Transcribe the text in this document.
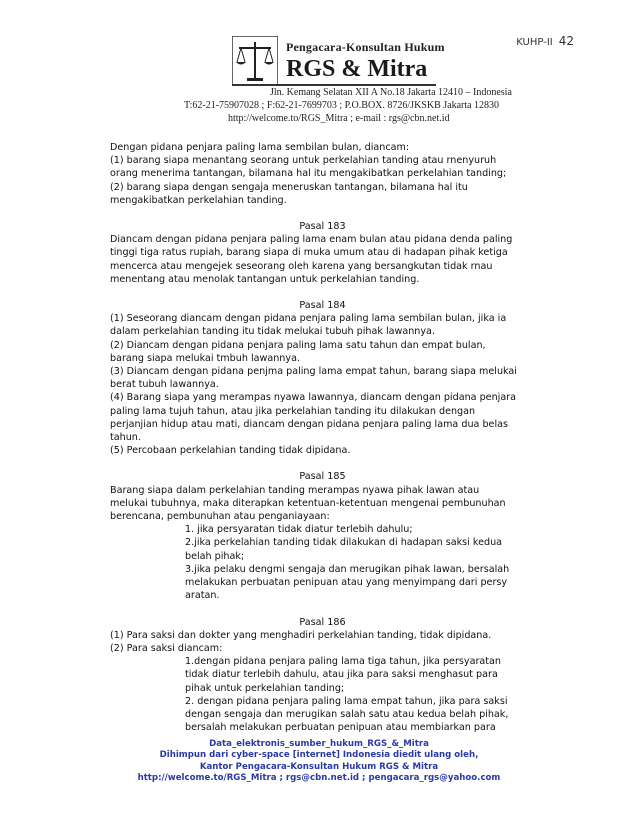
KUHP-II 42
Pengacara-Konsultan Hukum
RGS & Mitra
Jln. Kemang Selatan XII A No.18 Jakarta 12410 – Indonesia
T:62-21-75907028 ; F:62-21-7699703 ; P.O.BOX. 8726/JKSKB Jakarta 12830
http://welcome.to/RGS_Mitra ; e-mail : rgs@cbn.net.id

Dengan pidana penjara paling lama sembilan bulan, diancam:

(1) barang siapa menantang seorang untuk perkelahian tanding atau rnenyuruh

orang menerima tantangan, bilamana hal itu mengakibatkan perkelahian tanding;

(2) barang siapa dengan sengaja meneruskan tantangan, bilamana hal itu

mengakibatkan perkelahian tanding.

Pasal 183

Diancam dengan pidana penjara paling lama enam bulan atau pidana denda paling

tinggi tiga ratus rupiah, barang siapa di muka umum atau di hadapan pihak ketiga

mencerca atau mengejek seseorang oleh karena yang bersangkutan tidak rnau

menentang atau menolak tantangan untuk perkelahian tanding.

Pasal 184

(1) Seseorang diancam dengan pidana penjara paling lama sembilan bulan, jika ia

dalam perkelahian tanding itu tidak melukai tubuh pihak lawannya.

(2) Diancam dengan pidana penjara paling lama satu tahun dan empat bulan,

barang siapa melukai tmbuh lawannya.

(3) Diancam dengan pidana penjma paling lama empat tahun, barang siapa melukai

berat tubuh lawannya.

(4) Barang siapa yang merampas nyawa lawannya, diancam dengan pidana penjara

paling lama tujuh tahun, atau jika perkelahian tanding itu dilakukan dengan

perjanjian hidup atau mati, diancam dengan pidana penjara paling lama dua belas

tahun.

(5) Percobaan perkelahian tanding tidak dipidana.

Pasal 185

Barang siapa dalam perkelahian tanding merampas nyawa pihak lawan atau

melukai tubuhnya, maka diterapkan ketentuan-ketentuan mengenai pembunuhan

berencana, pembunuhan atau penganiayaan:

1. jika persyaratan tidak diatur terlebih dahulu;

2.jika perkelahian tanding tidak dilakukan di hadapan saksi kedua

belah pihak;

3.jika pelaku dengmi sengaja dan merugikan pihak lawan, bersalah

melakukan perbuatan penipuan atau yang menyimpang dari persy

aratan.

Pasal 186

(1) Para saksi dan dokter yang menghadiri perkelahian tanding, tidak dipidana.

(2) Para saksi diancam:

1.dengan pidana penjara paling lama tiga tahun, jika persyaratan

tidak diatur terlebih dahulu, atau jika para saksi menghasut para

pihak untuk perkelahian tanding;

2. dengan pidana penjara paling lama empat tahun, jika para saksi

dengan sengaja dan merugikan salah satu atau kedua belah pihak,

bersalah melakukan perbuatan penipuan atau membiarkan para

Data_elektronis_sumber_hukum_RGS_&_Mitra
Dihimpun dari cyber-space [internet] Indonesia diedit ulang oleh,
Kantor Pengacara-Konsultan Hukum RGS & Mitra
http://welcome.to/RGS_Mitra ; rgs@cbn.net.id ; pengacara_rgs@yahoo.com
